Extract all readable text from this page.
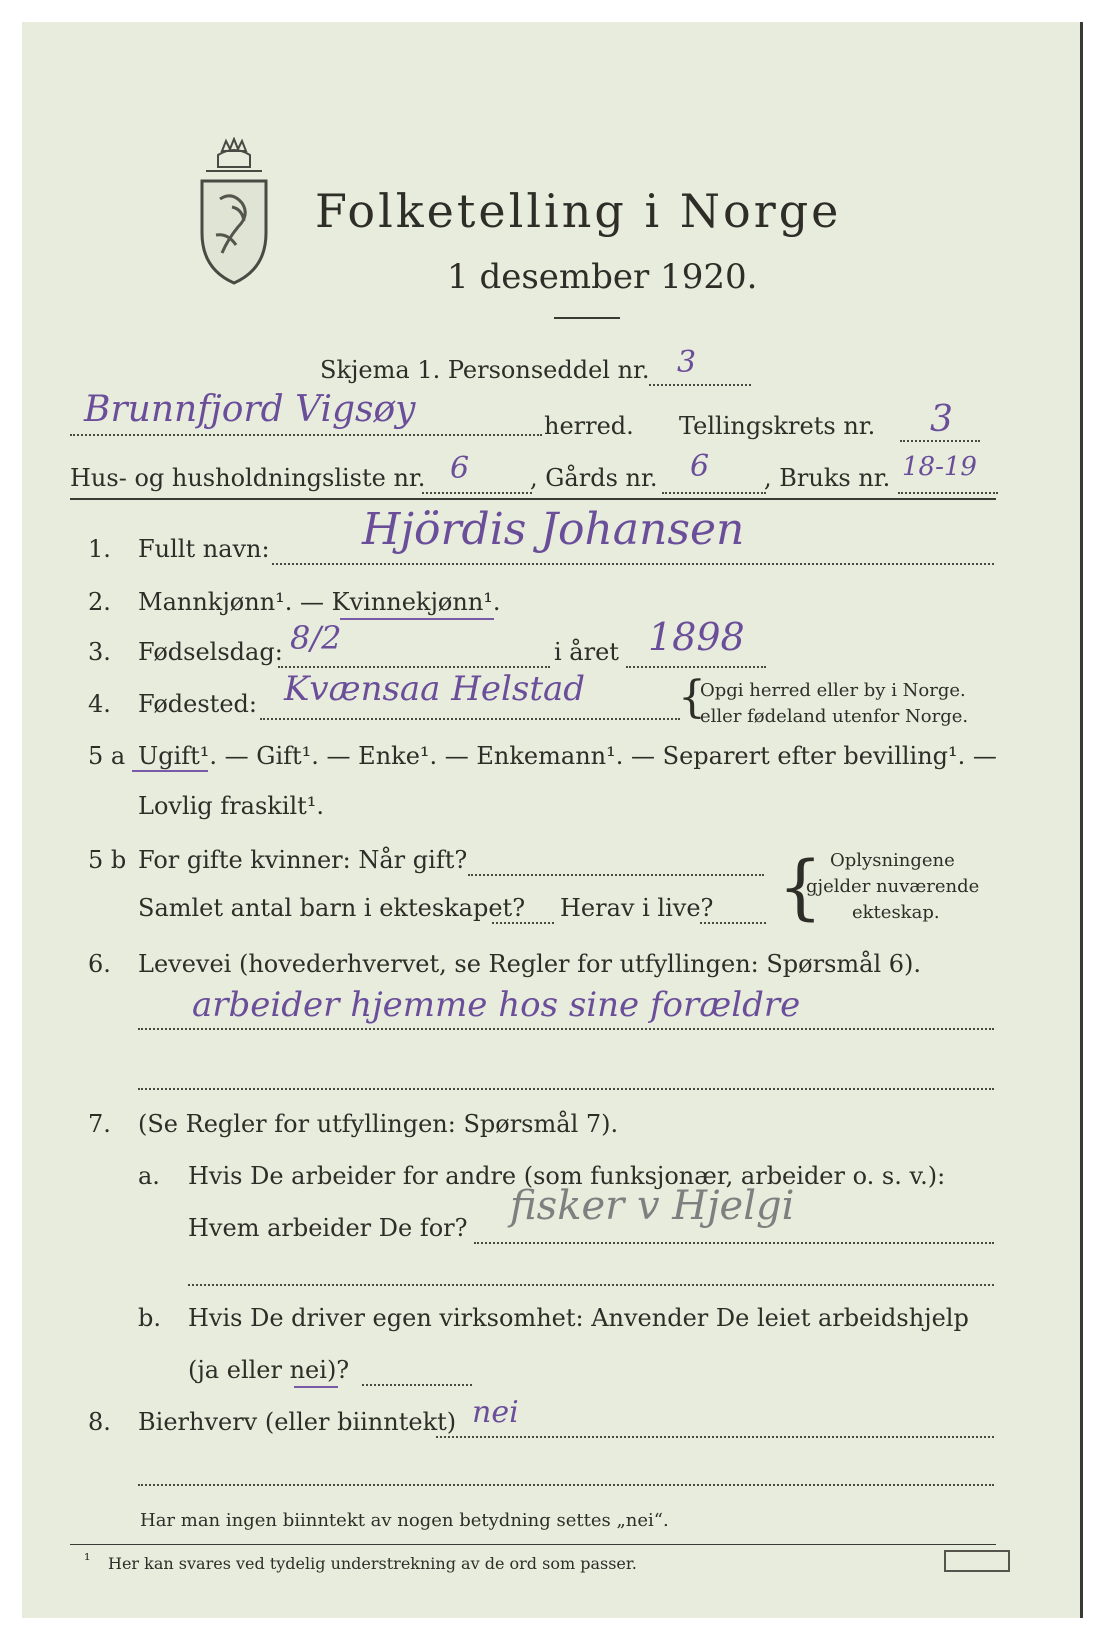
Folketelling i Norge
1 desember 1920.
Skjema 1. Personseddel nr. 3
Brunnfjord Vigsøy	herred. Tellingskrets nr. 3
Hus- og husholdningsliste nr. 6	, Gårds nr. 6 , Bruks nr. 18-19
1. Fullt navn: Hjördis Johansen
2. Mannkjønn¹. — Kvinnekjønn¹.
3. Fødselsdag: 8/2	i året 1898
4. Fødested: Kvænsaa Helstad {
Opgi herred eller by i Norge.
eller fødeland utenfor Norge.
5 a Ugift¹. — Gift¹. — Enke¹. — Enkemann¹. — Separert efter bevilling¹. —
Lovlig fraskilt¹.
5 b For gifte kvinner: Når gift?
Samlet antal barn i ekteskapet? Herav i live? { Oplysningene
gjelder nuværende
ekteskap.
6. Levevei (hovederhvervet, se Regler for utfyllingen: Spørsmål 6).
arbeider hjemme hos sine forældre
7. (Se Regler for utfyllingen: Spørsmål 7).
a. Hvis De arbeider for andre (som funksjonær, arbeider o. s. v.):
Hvem arbeider De for? fisker v Hjelgi
b. Hvis De driver egen virksomhet: Anvender De leiet arbeidshjelp
(ja eller nei)?
8. Bierhverv (eller biinntekt) nei
Har man ingen biinntekt av nogen betydning settes „nei“.
¹ Her kan svares ved tydelig understrekning av de ord som passer.
